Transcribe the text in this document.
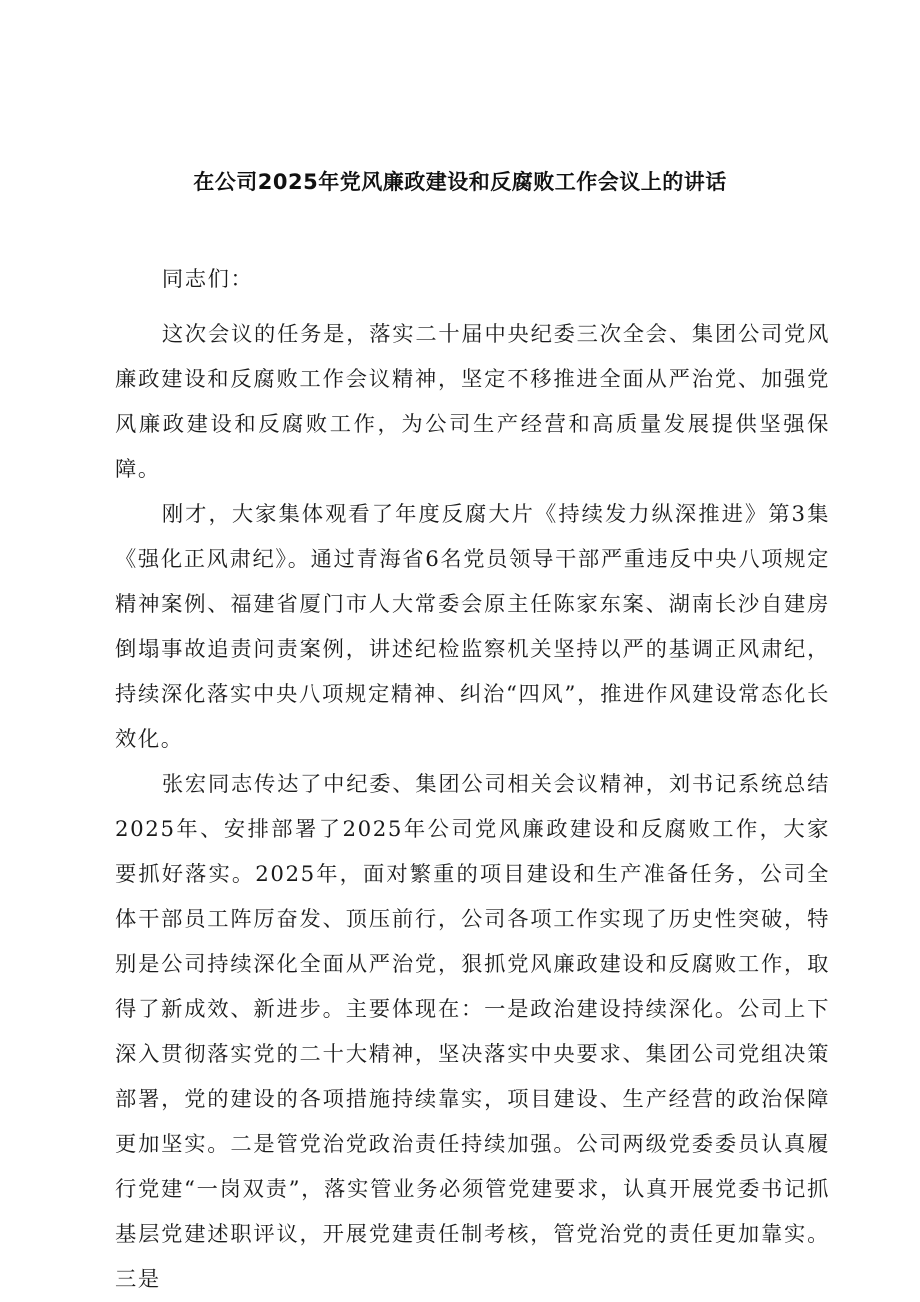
在公司2025年党风廉政建设和反腐败工作会议上的讲话

同志们：

这次会议的任务是，落实二十届中央纪委三次全会、集团公司党风廉政建设和反腐败工作会议精神，坚定不移推进全面从严治党、加强党风廉政建设和反腐败工作，为公司生产经营和高质量发展提供坚强保障。

刚才，大家集体观看了年度反腐大片《持续发力纵深推进》第3集《强化正风肃纪》。通过青海省6名党员领导干部严重违反中央八项规定精神案例、福建省厦门市人大常委会原主任陈家东案、湖南长沙自建房倒塌事故追责问责案例，讲述纪检监察机关坚持以严的基调正风肃纪，持续深化落实中央八项规定精神、纠治“四风”，推进作风建设常态化长效化。

张宏同志传达了中纪委、集团公司相关会议精神，刘书记系统总结2025年、安排部署了2025年公司党风廉政建设和反腐败工作，大家要抓好落实。2025年，面对繁重的项目建设和生产准备任务，公司全体干部员工阵厉奋发、顶压前行，公司各项工作实现了历史性突破，特别是公司持续深化全面从严治党，狠抓党风廉政建设和反腐败工作，取得了新成效、新进步。主要体现在：一是政治建设持续深化。公司上下深入贯彻落实党的二十大精神，坚决落实中央要求、集团公司党组决策部署，党的建设的各项措施持续靠实，项目建设、生产经营的政治保障更加坚实。二是管党治党政治责任持续加强。公司两级党委委员认真履行党建“一岗双责”，落实管业务必须管党建要求，认真开展党委书记抓基层党建述职评议，开展党建责任制考核，管党治党的责任更加靠实。三是
